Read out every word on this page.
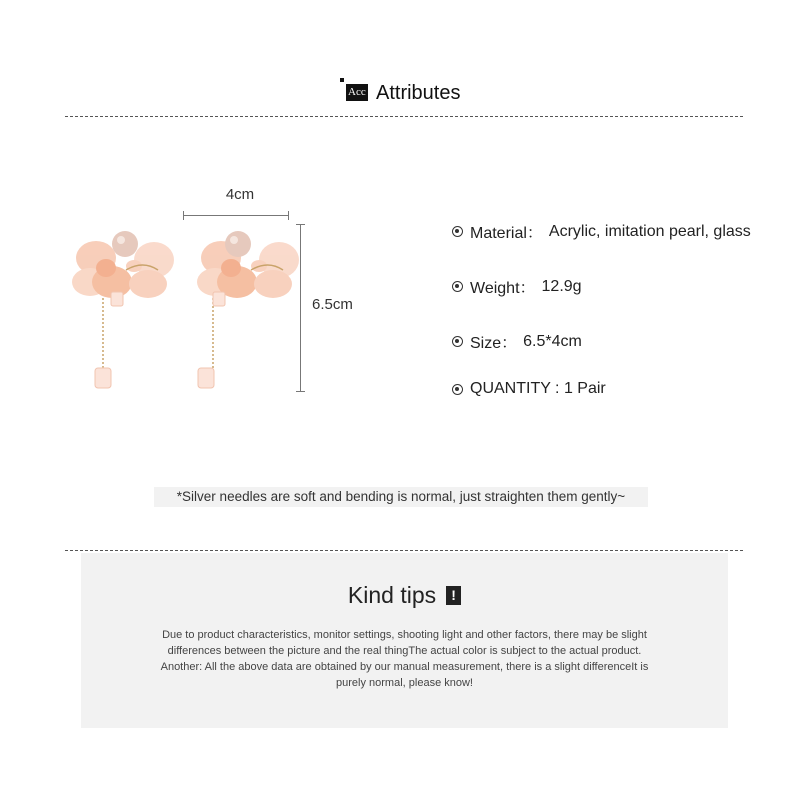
Acc Attributes
4cm
6.5cm
Material： Acrylic, imitation pearl, glass
Weight： 12.9g
Size： 6.5*4cm
QUANTITY : 1 Pair
*Silver needles are soft and bending is normal, just straighten them gently~
Kind tips !
Due to product characteristics, monitor settings, shooting light and other factors, there may be slight
differences between the picture and the real thingThe actual color is subject to the actual product.
Another: All the above data are obtained by our manual measurement, there is a slight differenceIt is
purely normal, please know!
